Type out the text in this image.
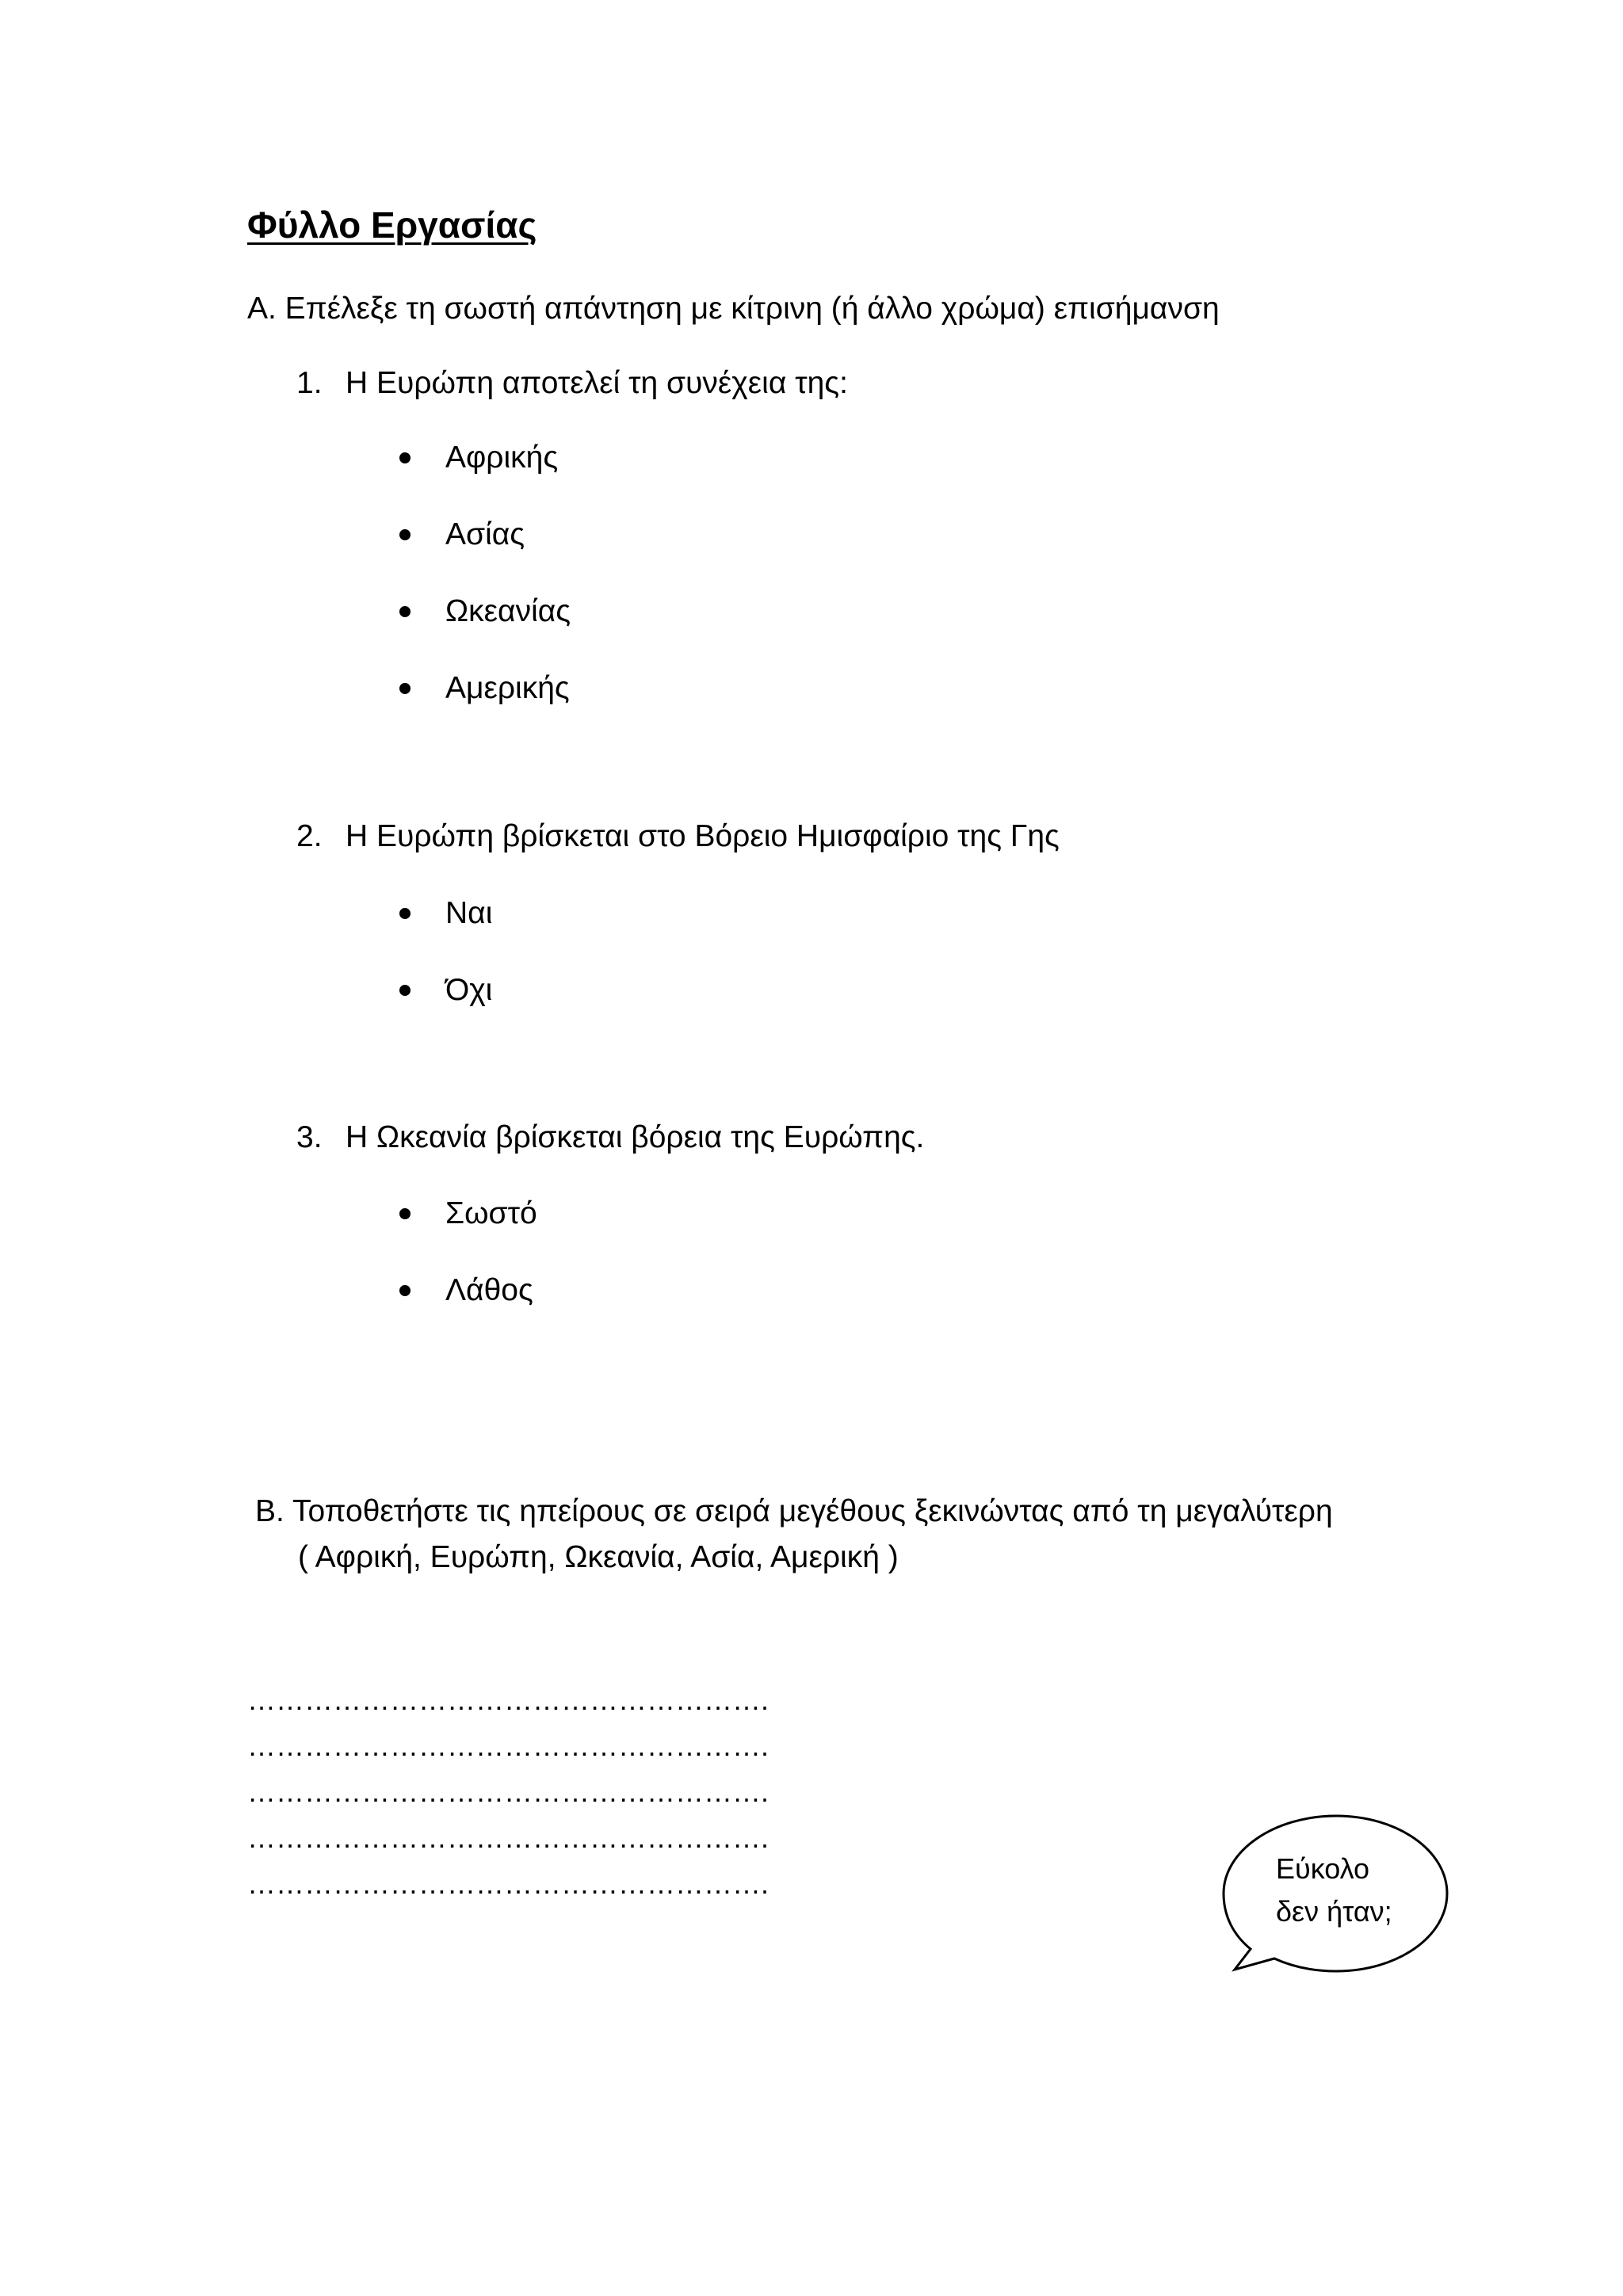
Φύλλο Εργασίας
Α. Επέλεξε τη σωστή απάντηση με κίτρινη (ή άλλο χρώμα) επισήμανση
1. Η Ευρώπη αποτελεί τη συνέχεια της:
Αφρικής
Ασίας
Ωκεανίας
Αμερικής
2. Η Ευρώπη βρίσκεται στο Βόρειο Ημισφαίριο της Γης
Ναι
Όχι
3. Η Ωκεανία βρίσκεται βόρεια της Ευρώπης.
Σωστό
Λάθος
Β. Τοποθετήστε τις ηπείρους σε σειρά μεγέθους ξεκινώντας από τη μεγαλύτερη
( Αφρική, Ευρώπη, Ωκεανία, Ασία, Αμερική )
……………………………………………….
……………………………………………….
……………………………………………….
……………………………………………….
……………………………………………….	Εύκολο
δεν ήταν;
